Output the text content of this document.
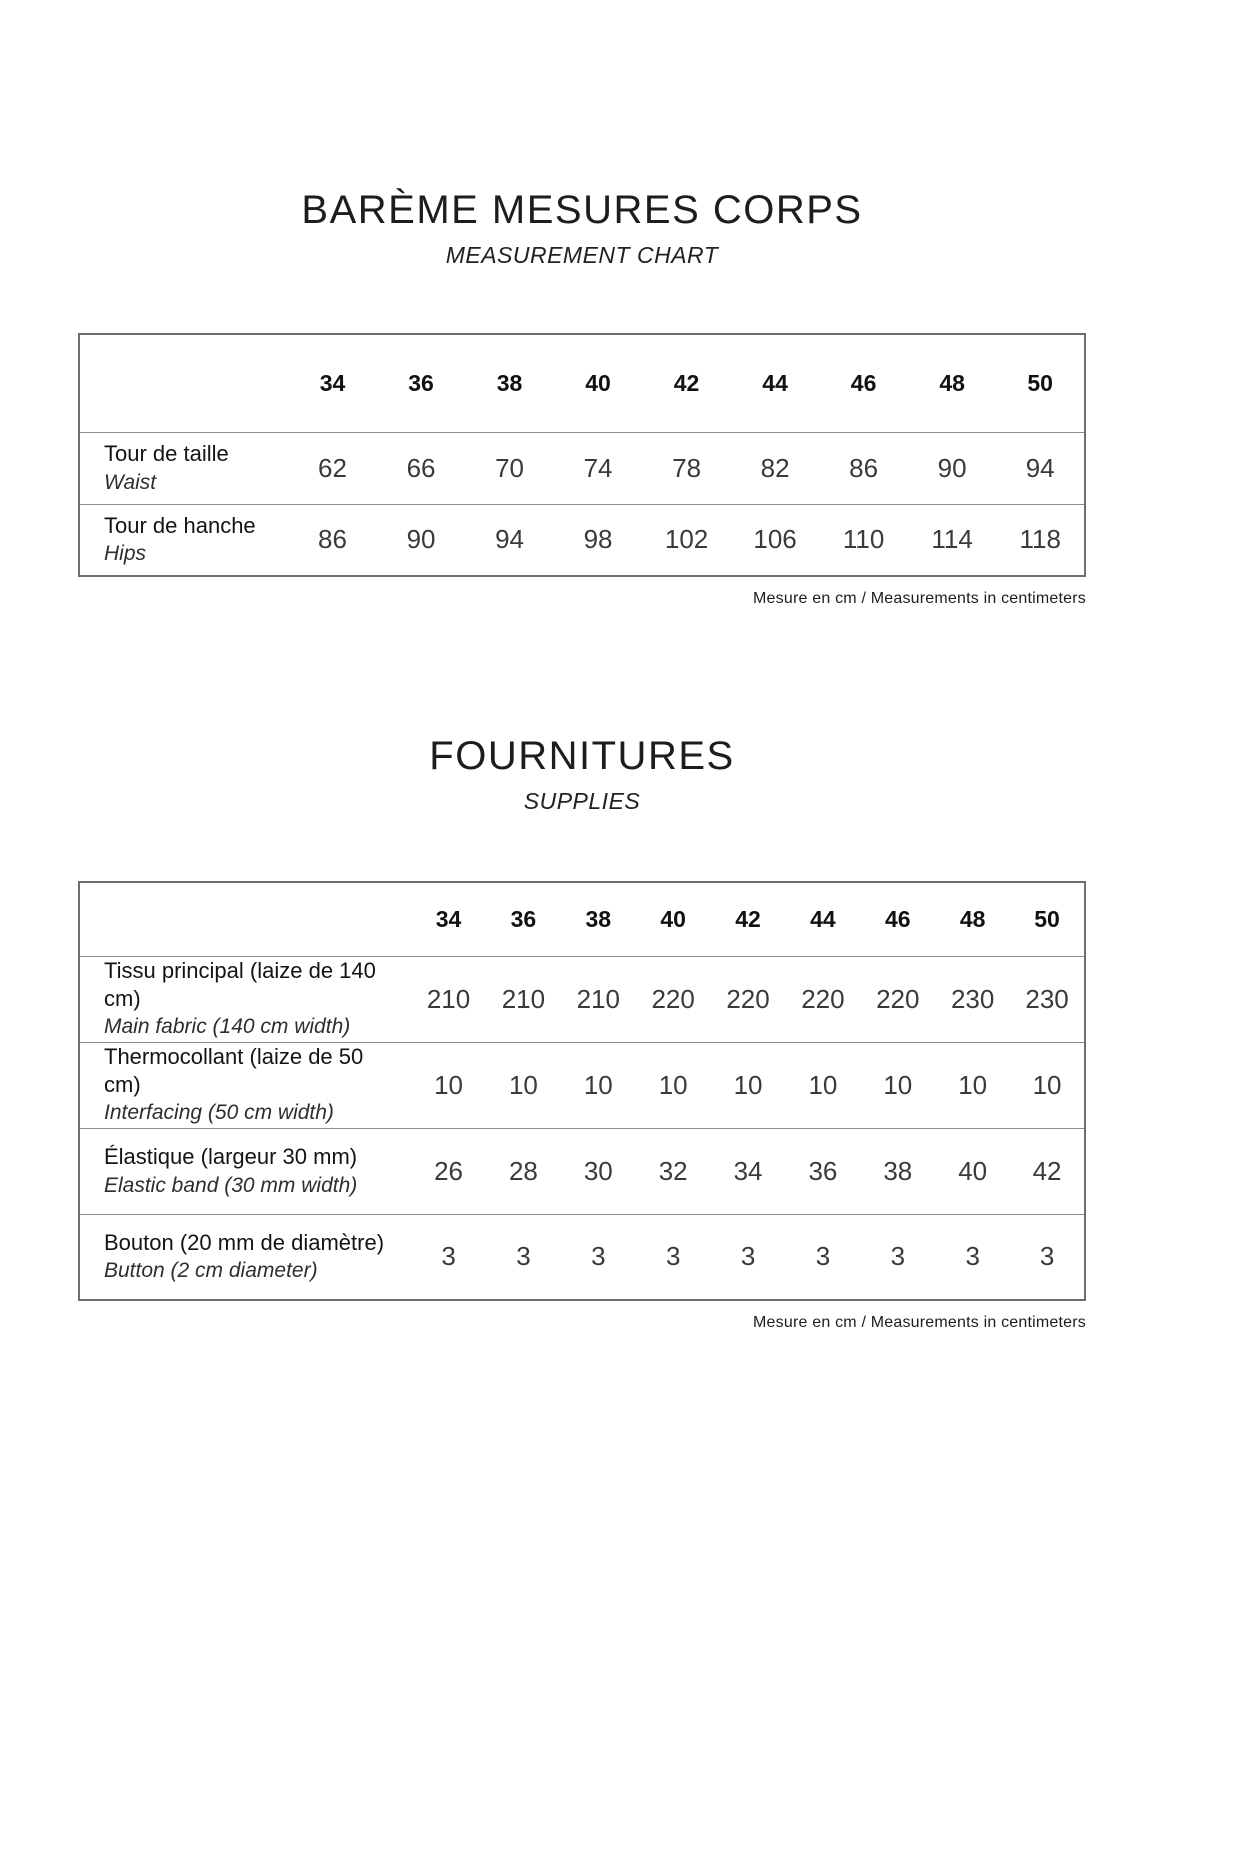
BARÈME MESURES CORPS
MEASUREMENT CHART
	34	36	38	40	42	44	46	48	50

Tour de taille
Waist	62	66	70	74	78	82	86	90	94

Tour de hanche
Hips	86	90	94	98	102	106	110	114	118
Mesure en cm / Measurements in centimeters
FOURNITURES
SUPPLIES
	34	36	38	40	42	44	46	48	50

Tissu principal (laize de 140 cm)
Main fabric (140 cm width)	210	210	210	220	220	220	220	230	230

Thermocollant (laize de 50 cm)
Interfacing (50 cm width)	10	10	10	10	10	10	10	10	10

Élastique (largeur 30 mm)
Elastic band (30 mm width)	26	28	30	32	34	36	38	40	42

Bouton (20 mm de diamètre)
Button (2 cm diameter)	3	3	3	3	3	3	3	3	3
Mesure en cm / Measurements in centimeters
